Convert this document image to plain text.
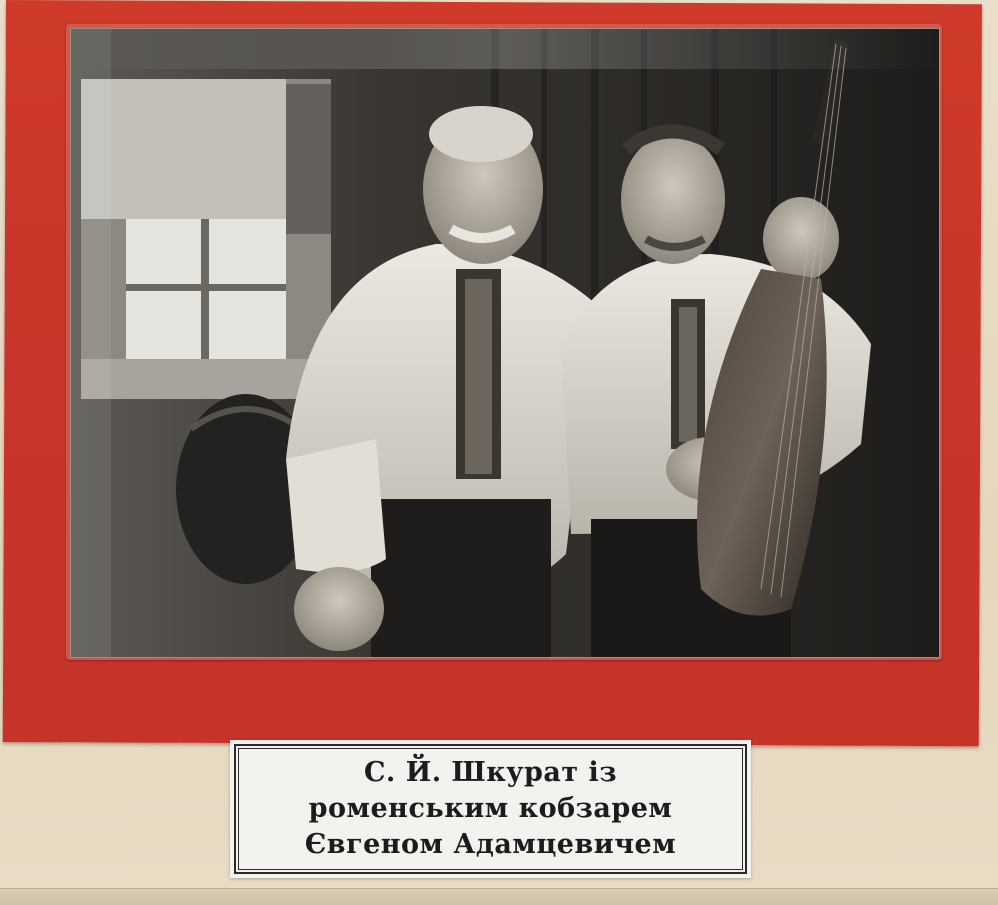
С. Й. Шкурат із
роменським кобзарем
Євгеном Адамцевичем
